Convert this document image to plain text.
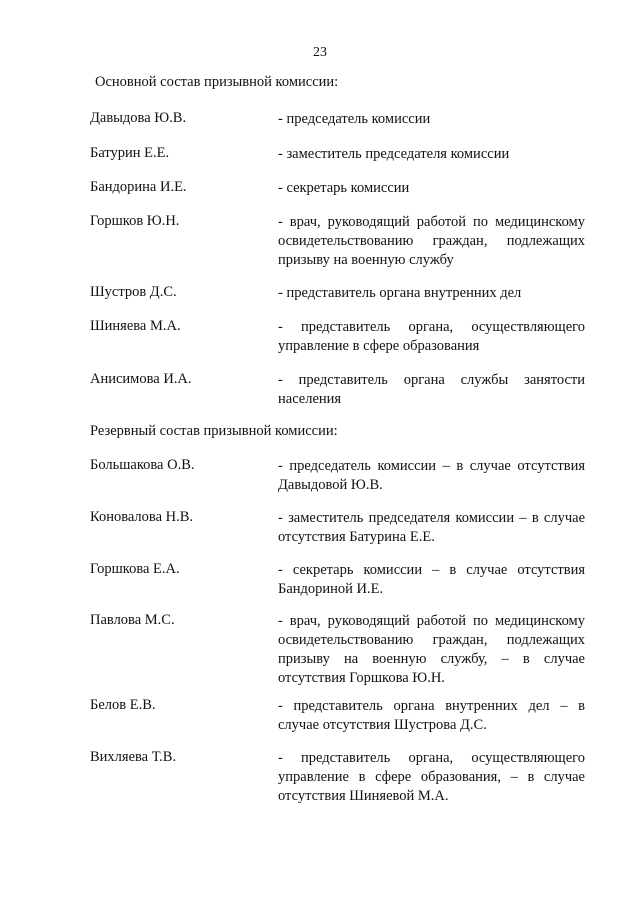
23
Основной состав призывной комиссии:
Давыдова Ю.В.	- председатель комиссии
Батурин Е.Е.	- заместитель председателя комиссии
Бандорина И.Е.	- секретарь комиссии
Горшков Ю.Н.	- врач, руководящий работой по медицинскому освидетельствованию граждан, подлежащих призыву на военную службу
Шустров Д.С.	- представитель органа внутренних дел
Шиняева М.А.	- представитель органа, осуществляющего управление в сфере образования
Анисимова И.А.	- представитель органа службы занятости населения
Резервный состав призывной комиссии:
Большакова О.В.	- председатель комиссии – в случае отсутствия Давыдовой Ю.В.
Коновалова Н.В.	- заместитель председателя комиссии – в случае отсутствия Батурина Е.Е.
Горшкова Е.А.	- секретарь комиссии – в случае отсутствия Бандориной И.Е.
Павлова М.С.	- врач, руководящий работой по медицинскому освидетельствованию граждан, подлежащих призыву на военную службу, – в случае отсутствия Горшкова Ю.Н.
Белов Е.В.	- представитель органа внутренних дел – в случае отсутствия Шустрова Д.С.
Вихляева Т.В.	- представитель органа, осуществляющего управление в сфере образования, – в случае отсутствия Шиняевой М.А.
